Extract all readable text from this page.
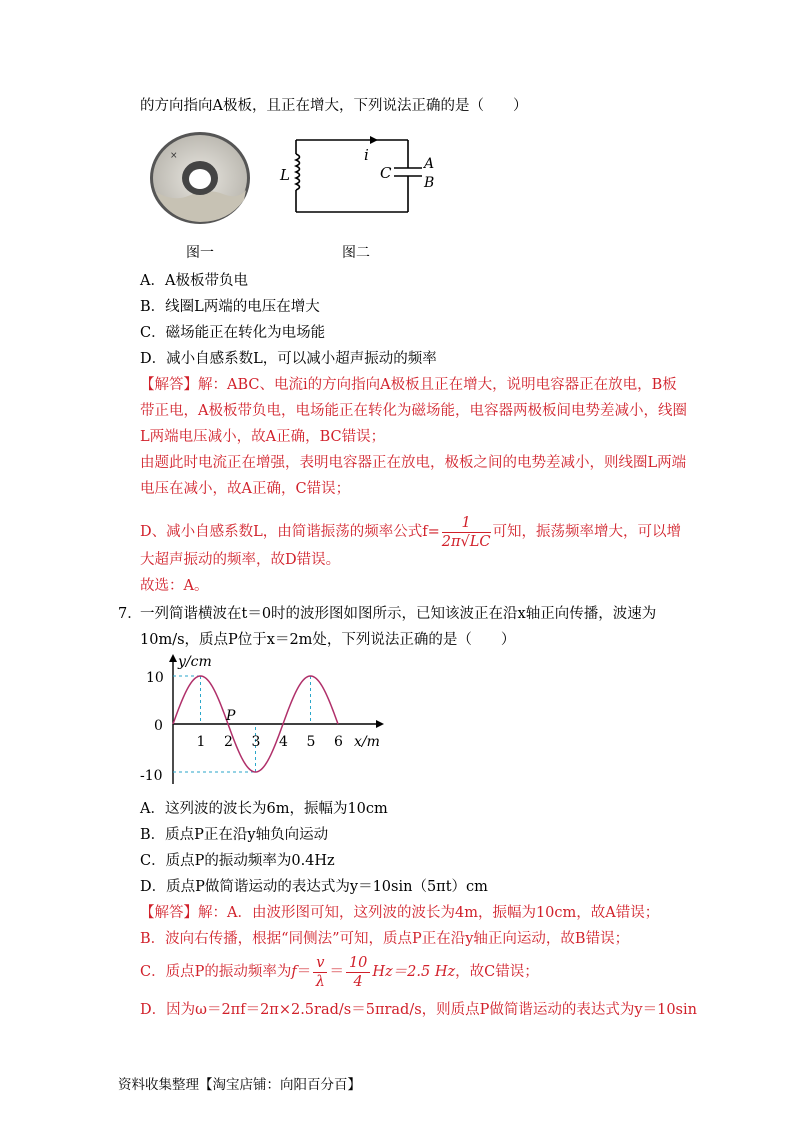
的方向指向A极板，且正在增大，下列说法正确的是（　　）
×
图一
L
i
C A
B
图二
A．A极板带负电
B．线圈L两端的电压在增大
C．磁场能正在转化为电场能
D．减小自感系数L，可以减小超声振动的频率
【解答】解：ABC、电流i的方向指向A极板且正在增大，说明电容器正在放电，B板
带正电，A极板带负电，电场能正在转化为磁场能，电容器两极板间电势差减小，线圈
L两端电压减小，故A正确，BC错误；
由题此时电流正在增强，表明电容器正在放电，极板之间的电势差减小，则线圈L两端
电压在减小，故A正确，C错误；
D、减小自感系数L，由简谐振荡的频率公式$f= \frac{1}{2\pi√LC}$ 可知，振荡频率增大，可以增
大超声振动的频率，故D错误。
故选：A。
7．
一列简谐横波在t＝0时的波形图如图所示，已知该波正在沿x轴正向传播，波速为
10m/s，质点P位于x＝2m处，下列说法正确的是（　　）
y/cm
x/m
10
0
-10
1 2 3 4 5 6
P
A．这列波的波长为6m，振幅为10cm
B．质点P正在沿y轴负向运动
C．质点P的振动频率为0.4Hz
D．质点P做简谐运动的表达式为y＝10sin（5πt）cm
【解答】解：A．由波形图可知，这列波的波长为4m，振幅为10cm，故A错误；
B．波向右传播，根据“同侧法”可知，质点P正在沿y轴正向运动，故B错误；
C．质点P的振动频率为$f= \frac{v}{\lambda} = \frac{10}{4} Hz=2.5$ Hz，故C错误；
D．因为ω＝2πf＝2π×2.5rad/s＝5πrad/s，则质点P做简谐运动的表达式为y＝10sin
资料收集整理【淘宝店铺：向阳百分百】
